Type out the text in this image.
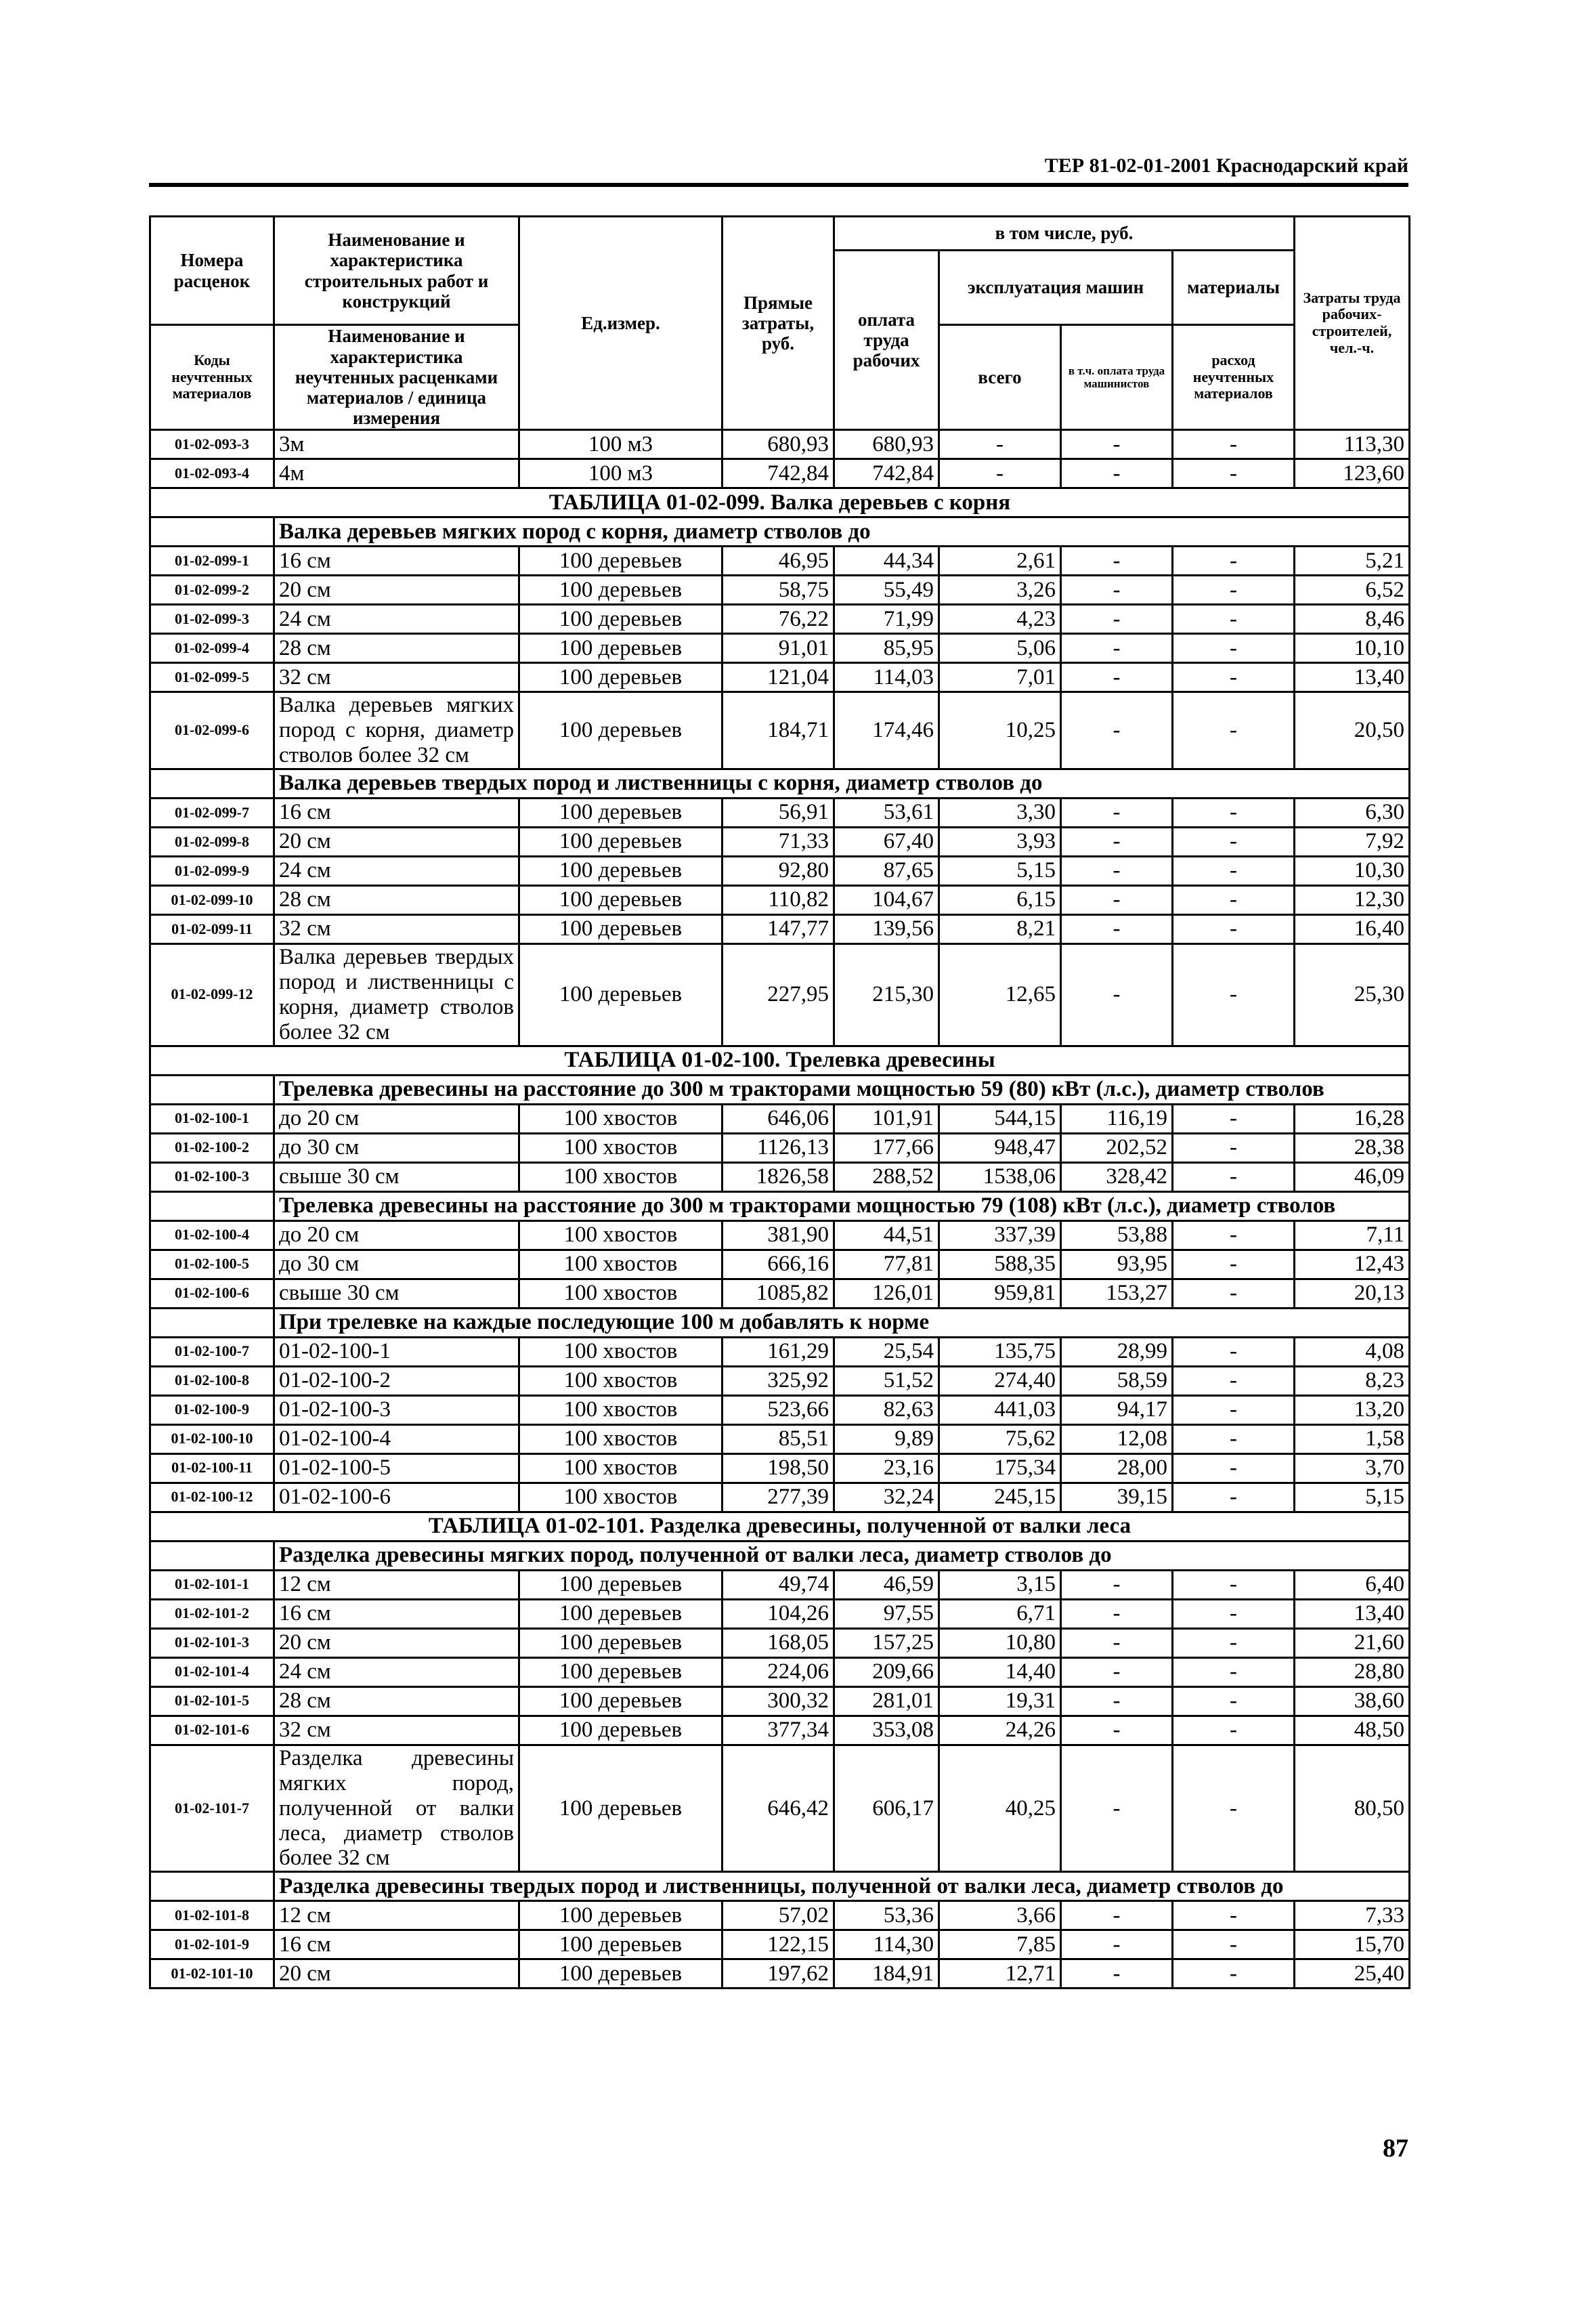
ТЕР 81-02-01-2001 Краснодарский край
Номера расценок	Наименование и характеристика строительных работ и конструкций	Ед.измер.	Прямые затраты, руб.	в том числе, руб.				Затраты труда рабочих-строителей, чел.-ч.
				оплата труда рабочих	эксплуатация машин		материалы	
Коды неучтенных материалов	Наименование и характеристика неучтенных расценками материалов / единица измерения				всего	в т.ч. оплата труда машинистов	расход неучтенных материалов	

01-02-093-3	3м	100 м3	680,93	680,93	-	-	-	113,30
01-02-093-4	4м	100 м3	742,84	742,84	-	-	-	123,60
ТАБЛИЦА 01-02-099. Валка деревьев с корня								
	Валка деревьев мягких пород с корня, диаметр стволов до							
01-02-099-1	16 см	100 деревьев	46,95	44,34	2,61	-	-	5,21
01-02-099-2	20 см	100 деревьев	58,75	55,49	3,26	-	-	6,52
01-02-099-3	24 см	100 деревьев	76,22	71,99	4,23	-	-	8,46
01-02-099-4	28 см	100 деревьев	91,01	85,95	5,06	-	-	10,10
01-02-099-5	32 см	100 деревьев	121,04	114,03	7,01	-	-	13,40
01-02-099-6	Валка деревьев мягких пород с корня, диаметр стволов более 32 см	100 деревьев	184,71	174,46	10,25	-	-	20,50
	Валка деревьев твердых пород и лиственницы с корня, диаметр стволов до							
01-02-099-7	16 см	100 деревьев	56,91	53,61	3,30	-	-	6,30
01-02-099-8	20 см	100 деревьев	71,33	67,40	3,93	-	-	7,92
01-02-099-9	24 см	100 деревьев	92,80	87,65	5,15	-	-	10,30
01-02-099-10	28 см	100 деревьев	110,82	104,67	6,15	-	-	12,30
01-02-099-11	32 см	100 деревьев	147,77	139,56	8,21	-	-	16,40
01-02-099-12	Валка деревьев твердых пород и лиственницы с корня, диаметр стволов более 32 см	100 деревьев	227,95	215,30	12,65	-	-	25,30
ТАБЛИЦА 01-02-100. Трелевка древесины								
	Трелевка древесины на расстояние до 300 м тракторами мощностью 59 (80) кВт (л.с.), диаметр стволов							
01-02-100-1	до 20 см	100 хвостов	646,06	101,91	544,15	116,19	-	16,28
01-02-100-2	до 30 см	100 хвостов	1126,13	177,66	948,47	202,52	-	28,38
01-02-100-3	свыше 30 см	100 хвостов	1826,58	288,52	1538,06	328,42	-	46,09
	Трелевка древесины на расстояние до 300 м тракторами мощностью 79 (108) кВт (л.с.), диаметр стволов							
01-02-100-4	до 20 см	100 хвостов	381,90	44,51	337,39	53,88	-	7,11
01-02-100-5	до 30 см	100 хвостов	666,16	77,81	588,35	93,95	-	12,43
01-02-100-6	свыше 30 см	100 хвостов	1085,82	126,01	959,81	153,27	-	20,13
	При трелевке на каждые последующие 100 м добавлять к норме							
01-02-100-7	01-02-100-1	100 хвостов	161,29	25,54	135,75	28,99	-	4,08
01-02-100-8	01-02-100-2	100 хвостов	325,92	51,52	274,40	58,59	-	8,23
01-02-100-9	01-02-100-3	100 хвостов	523,66	82,63	441,03	94,17	-	13,20
01-02-100-10	01-02-100-4	100 хвостов	85,51	9,89	75,62	12,08	-	1,58
01-02-100-11	01-02-100-5	100 хвостов	198,50	23,16	175,34	28,00	-	3,70
01-02-100-12	01-02-100-6	100 хвостов	277,39	32,24	245,15	39,15	-	5,15
ТАБЛИЦА 01-02-101. Разделка древесины, полученной от валки леса								
	Разделка древесины мягких пород, полученной от валки леса, диаметр стволов до							
01-02-101-1	12 см	100 деревьев	49,74	46,59	3,15	-	-	6,40
01-02-101-2	16 см	100 деревьев	104,26	97,55	6,71	-	-	13,40
01-02-101-3	20 см	100 деревьев	168,05	157,25	10,80	-	-	21,60
01-02-101-4	24 см	100 деревьев	224,06	209,66	14,40	-	-	28,80
01-02-101-5	28 см	100 деревьев	300,32	281,01	19,31	-	-	38,60
01-02-101-6	32 см	100 деревьев	377,34	353,08	24,26	-	-	48,50
01-02-101-7	Разделка древесины мягких пород, полученной от валки леса, диаметр стволов более 32 см	100 деревьев	646,42	606,17	40,25	-	-	80,50
	Разделка древесины твердых пород и лиственницы, полученной от валки леса, диаметр стволов до							
01-02-101-8	12 см	100 деревьев	57,02	53,36	3,66	-	-	7,33
01-02-101-9	16 см	100 деревьев	122,15	114,30	7,85	-	-	15,70
01-02-101-10	20 см	100 деревьев	197,62	184,91	12,71	-	-	25,40
87
